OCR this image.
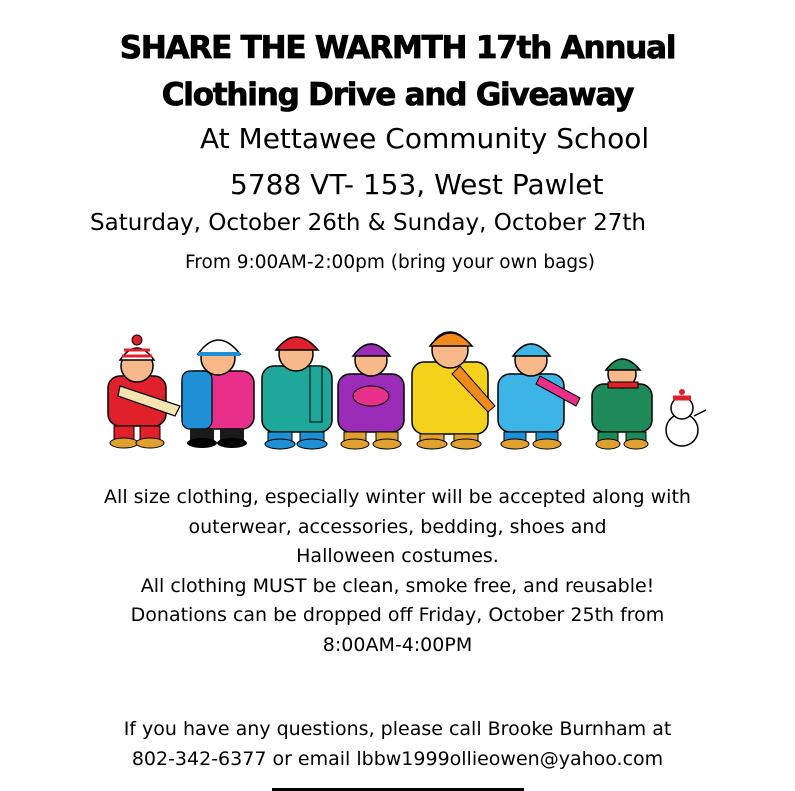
SHARE THE WARMTH 17th Annual
Clothing Drive and Giveaway
At Mettawee Community School
5788 VT- 153, West Pawlet
Saturday, October 26th & Sunday, October 27th
From 9:00AM-2:00pm (bring your own bags)
All size clothing, especially winter will be accepted along with
outerwear, accessories, bedding, shoes and
Halloween costumes.
All clothing MUST be clean, smoke free, and reusable!
Donations can be dropped off Friday, October 25th from
8:00AM-4:00PM
If you have any questions, please call Brooke Burnham at
802-342-6377 or email lbbw1999ollieowen@yahoo.com
